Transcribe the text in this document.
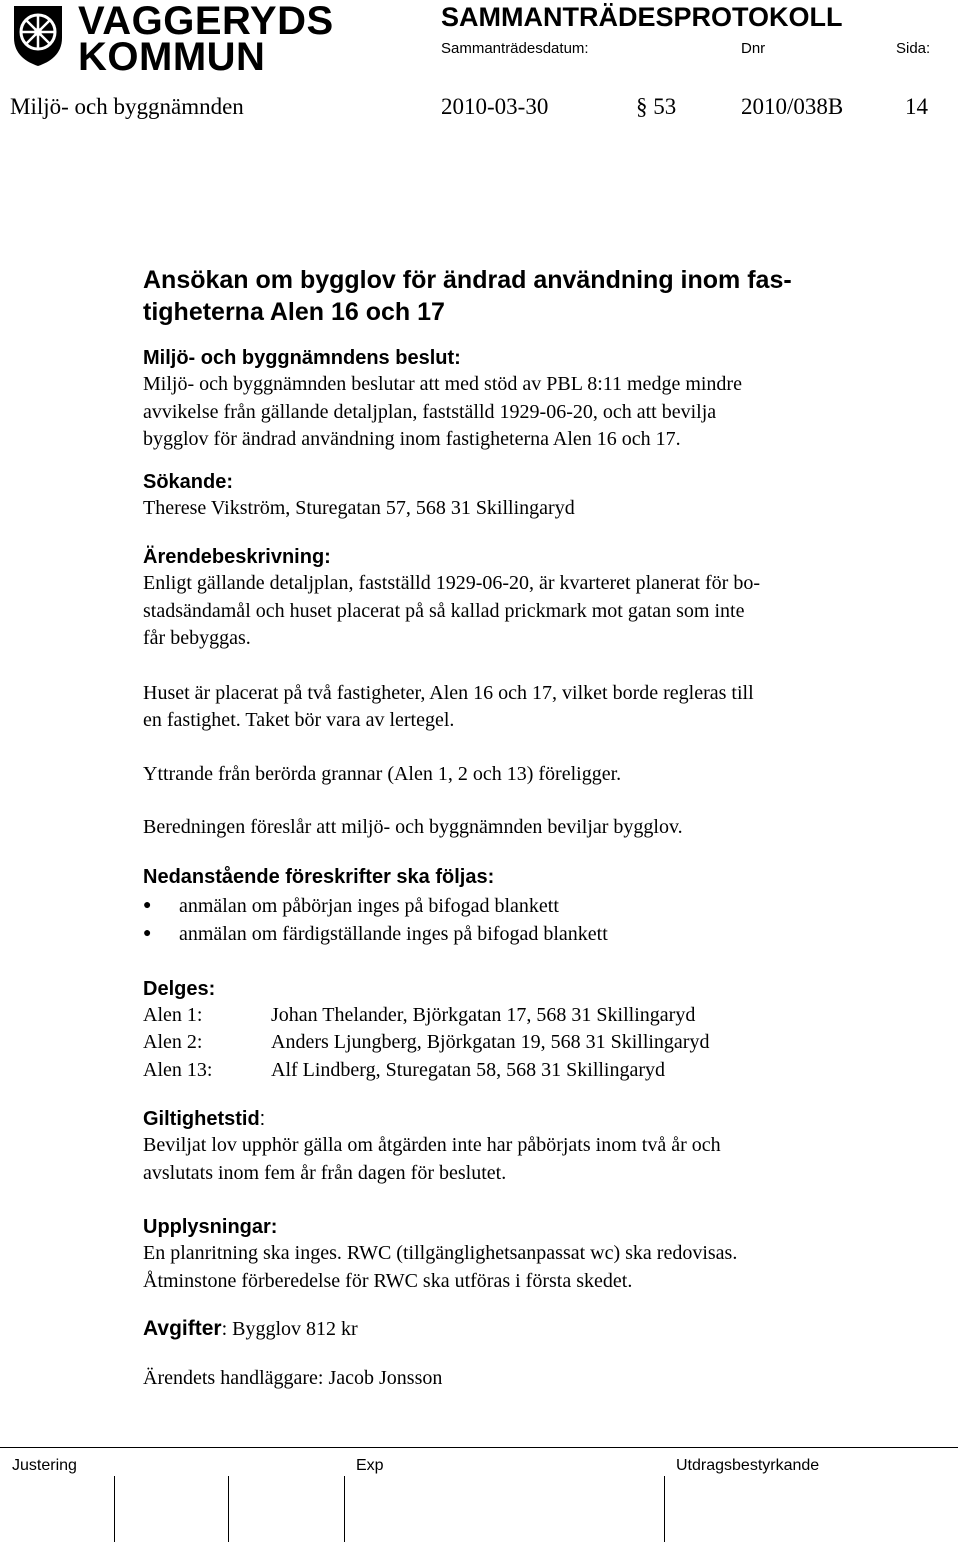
VAGGERYDS
KOMMUN
SAMMANTRÄDESPROTOKOLL
Sammanträdesdatum:	Dnr	Sida:
Miljö- och byggnämnden	2010-03-30	§ 53	2010/038B	14
Ansökan om bygglov för ändrad användning inom fas-
tigheterna Alen 16 och 17
Miljö- och byggnämndens beslut:

Miljö- och byggnämnden beslutar att med stöd av PBL 8:11 medge mindre
avvikelse från gällande detaljplan, fastställd 1929-06-20, och att bevilja
bygglov för ändrad användning inom fastigheterna Alen 16 och 17.

Sökande:

Therese Vikström, Sturegatan 57, 568 31 Skillingaryd

Ärendebeskrivning:

Enligt gällande detaljplan, fastställd 1929-06-20, är kvarteret planerat för bo-
stadsändamål och huset placerat på så kallad prickmark mot gatan som inte
får bebyggas.

Huset är placerat på två fastigheter, Alen 16 och 17, vilket borde regleras till
en fastighet. Taket bör vara av lertegel.

Yttrande från berörda grannar (Alen 1, 2 och 13) föreligger.

Beredningen föreslår att miljö- och byggnämnden beviljar bygglov.

Nedanstående föreskrifter ska följas:
● anmälan om påbörjan inges på bifogad blankett
● anmälan om färdigställande inges på bifogad blankett
Delges:
Alen 1:	Johan Thelander, Björkgatan 17, 568 31 Skillingaryd
Alen 2:	Anders Ljungberg, Björkgatan 19, 568 31 Skillingaryd
Alen 13:	Alf Lindberg, Sturegatan 58, 568 31 Skillingaryd
Giltighetstid:

Beviljat lov upphör gälla om åtgärden inte har påbörjats inom två år och
avslutats inom fem år från dagen för beslutet.

Upplysningar:

En planritning ska inges. RWC (tillgänglighetsanpassat wc) ska redovisas.
Åtminstone förberedelse för RWC ska utföras i första skedet.

Avgifter: Bygglov 812 kr

Ärendets handläggare: Jacob Jonsson

Justering	Exp	Utdragsbestyrkande
